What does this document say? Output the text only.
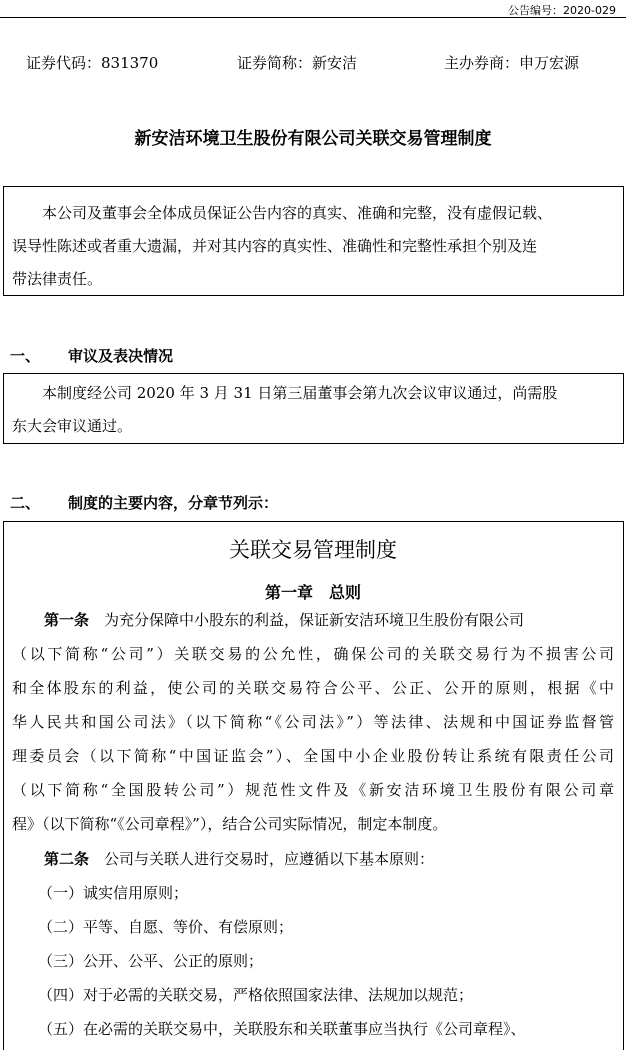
公告编号：2020-029
证券代码：831370	证券简称：新安洁	主办券商：申万宏源
新安洁环境卫生股份有限公司关联交易管理制度
本公司及董事会全体成员保证公告内容的真实、准确和完整，没有虚假记载、
误导性陈述或者重大遗漏，并对其内容的真实性、准确性和完整性承担个别及连
带法律责任。
一、 审议及表决情况
本制度经公司 2020 年 3 月 31 日第三届董事会第九次会议审议通过，尚需股
东大会审议通过。
二、 制度的主要内容，分章节列示：
关联交易管理制度
第一章　总则
第一条　 为充分保障中小股东的利益，保证新安洁环境卫生股份有限公司
（以下简称“公司”）关联交易的公允性，确保公司的关联交易行为不损害公司
和全体股东的利益，使公司的关联交易符合公平、公正、公开的原则，根据《中
华人民共和国公司法》（以下简称“《公司法》”）等法律、法规和中国证券监督管
理委员会（以下简称“中国证监会”）、全国中小企业股份转让系统有限责任公司
（以下简称“全国股转公司”）规范性文件及《新安洁环境卫生股份有限公司章
程》（以下简称“《公司章程》”），结合公司实际情况，制定本制度。
第二条　 公司与关联人进行交易时，应遵循以下基本原则：
（一）诚实信用原则；
（二）平等、自愿、等价、有偿原则；
（三）公开、公平、公正的原则；
（四）对于必需的关联交易，严格依照国家法律、法规加以规范；
（五）在必需的关联交易中，关联股东和关联董事应当执行《公司章程》、
